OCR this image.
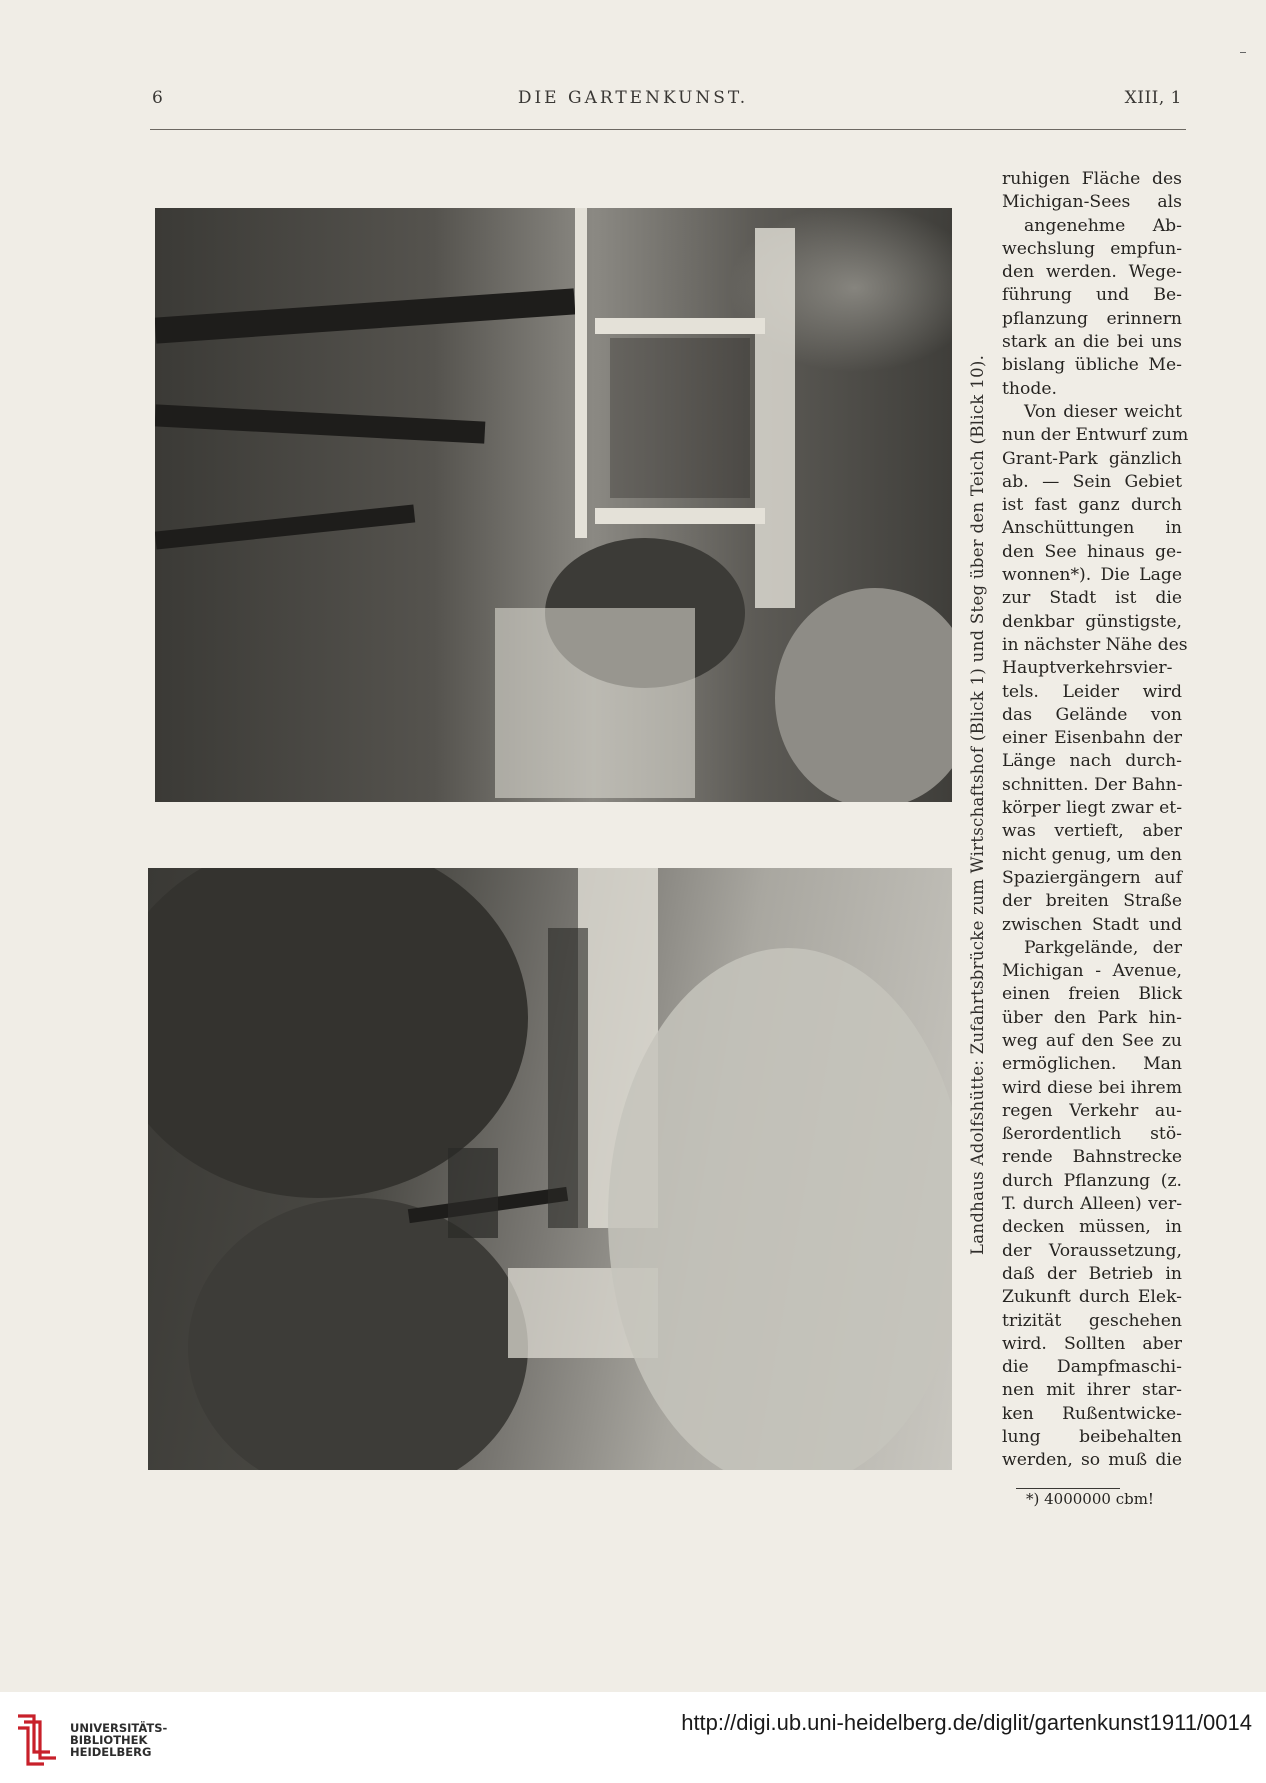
6	DIE GARTENKUNST.	XIII, 1
Landhaus Adolfshütte: Zufahrtsbrücke zum Wirtschaftshof (Blick 1) und Steg über den Teich (Blick 10).
ruhigen Fläche des
Michigan-Sees als
angenehme Ab-
wechslung empfun-
den werden. Wege-
führung und Be-
pflanzung erinnern
stark an die bei uns
bislang übliche Me-
thode.
Von dieser weicht
nun der Entwurf zum
Grant-Park gänzlich
ab. — Sein Gebiet
ist fast ganz durch
Anschüttungen in
den See hinaus ge-
wonnen*). Die Lage
zur Stadt ist die
denkbar günstigste,
in nächster Nähe des
Hauptverkehrsvier-
tels. Leider wird
das Gelände von
einer Eisenbahn der
Länge nach durch-
schnitten. Der Bahn-
körper liegt zwar et-
was vertieft, aber
nicht genug, um den
Spaziergängern auf
der breiten Straße
zwischen Stadt und
Parkgelände, der
Michigan - Avenue,
einen freien Blick
über den Park hin-
weg auf den See zu
ermöglichen. Man
wird diese bei ihrem
regen Verkehr au-
ßerordentlich stö-
rende Bahnstrecke
durch Pflanzung (z.
T. durch Alleen) ver-
decken müssen, in
der Voraussetzung,
daß der Betrieb in
Zukunft durch Elek-
trizität geschehen
wird. Sollten aber
die Dampfmaschi-
nen mit ihrer star-
ken Rußentwicke-
lung beibehalten
werden, so muß die
*) 4000000 cbm!
UNIVERSITÄTS-
BIBLIOTHEK
HEIDELBERG
http://digi.ub.uni-heidelberg.de/diglit/gartenkunst1911/0014
